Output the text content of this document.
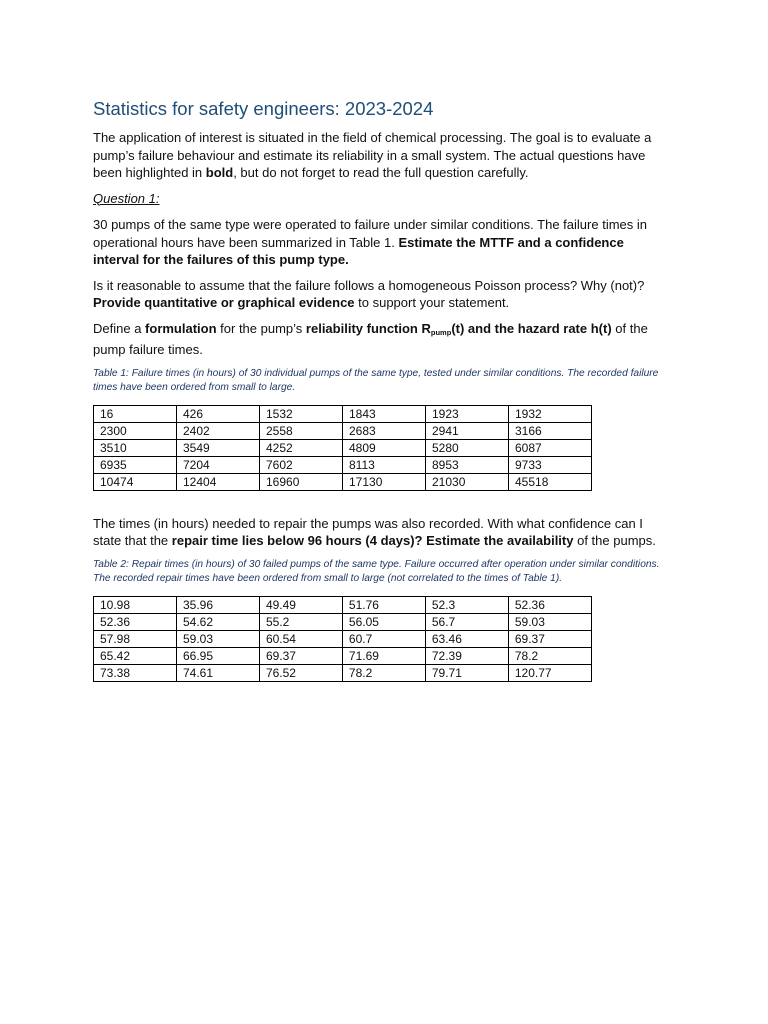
Statistics for safety engineers: 2023-2024

The application of interest is situated in the field of chemical processing. The goal is to evaluate a pump’s failure behaviour and estimate its reliability in a small system. The actual questions have been highlighted in bold, but do not forget to read the full question carefully.

Question 1:

30 pumps of the same type were operated to failure under similar conditions. The failure times in operational hours have been summarized in Table 1. Estimate the MTTF and a confidence interval for the failures of this pump type.

Is it reasonable to assume that the failure follows a homogeneous Poisson process? Why (not)? Provide quantitative or graphical evidence to support your statement.

Define a formulation for the pump’s reliability function $R_{pump}(t)$ and the hazard rate h(t) of the pump failure times.

Table 1: Failure times (in hours) of 30 individual pumps of the same type, tested under similar conditions. The recorded failure times have been ordered from small to large.

16	426	1532	1843	1923	1932
2300	2402	2558	2683	2941	3166
3510	3549	4252	4809	5280	6087
6935	7204	7602	8113	8953	9733
10474	12404	16960	17130	21030	45518

The times (in hours) needed to repair the pumps was also recorded. With what confidence can I state that the repair time lies below 96 hours (4 days)? Estimate the availability of the pumps.

Table 2: Repair times (in hours) of 30 failed pumps of the same type. Failure occurred after operation under similar conditions. The recorded repair times have been ordered from small to large (not correlated to the times of Table 1).

10.98	35.96	49.49	51.76	52.3	52.36
52.36	54.62	55.2	56.05	56.7	59.03
57.98	59.03	60.54	60.7	63.46	69.37
65.42	66.95	69.37	71.69	72.39	78.2
73.38	74.61	76.52	78.2	79.71	120.77
